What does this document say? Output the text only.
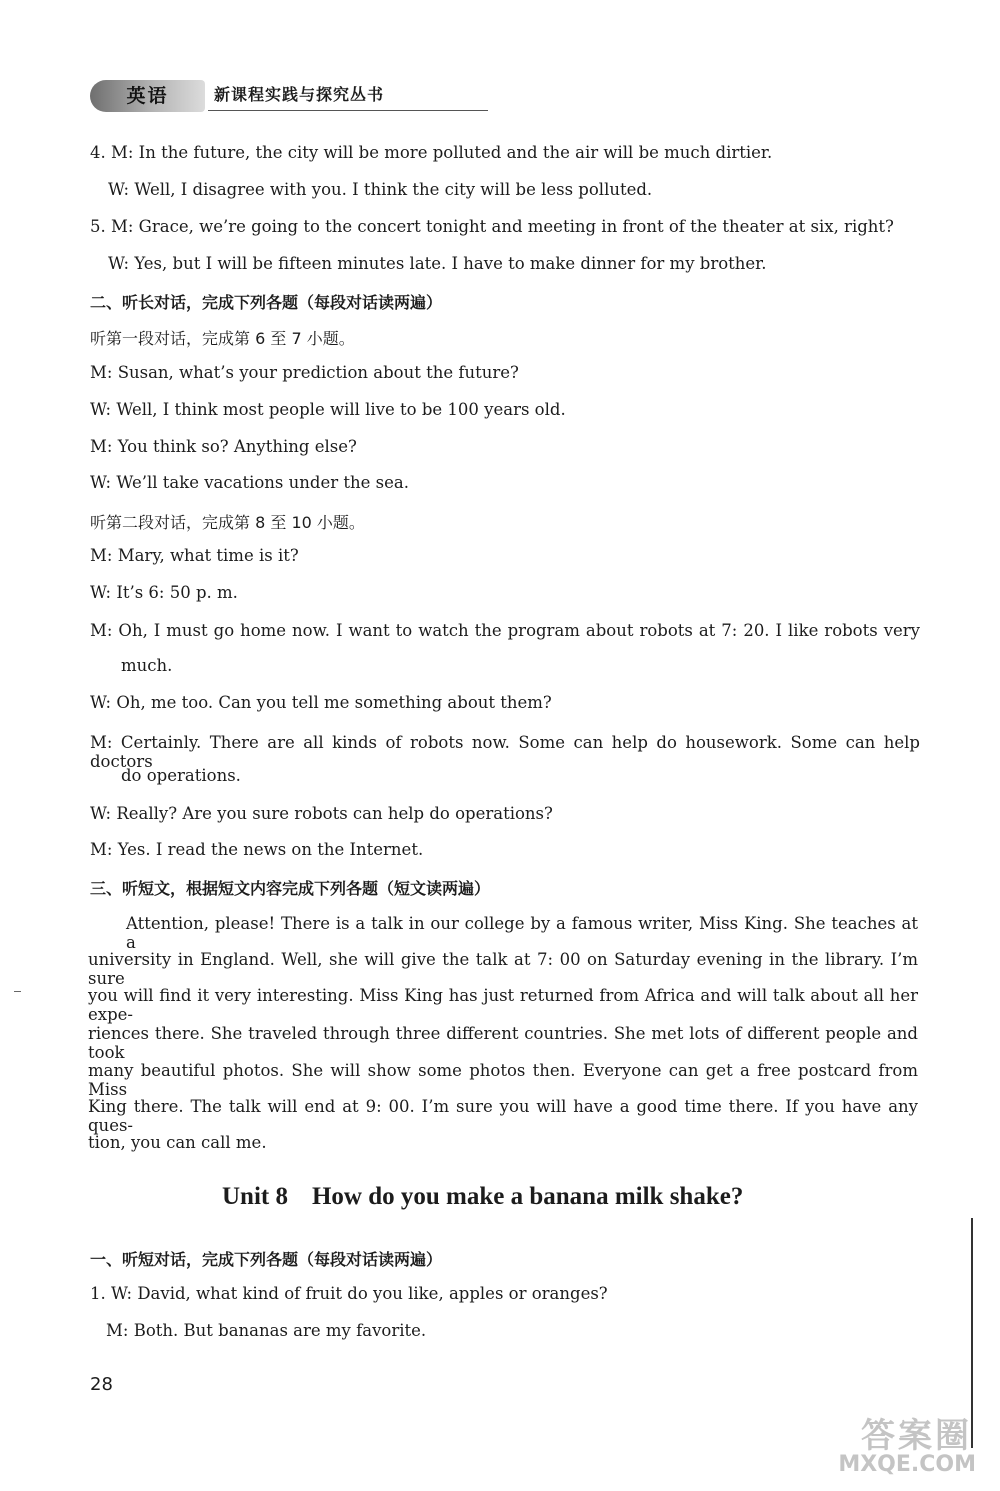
英语	新课程实践与探究丛书
4. M: In the future, the city will be more polluted and the air will be much dirtier.
W: Well, I disagree with you. I think the city will be less polluted.
5. M: Grace, we’re going to the concert tonight and meeting in front of the theater at six, right?
W: Yes, but I will be fifteen minutes late. I have to make dinner for my brother.
二、听长对话，完成下列各题（每段对话读两遍）
听第一段对话，完成第 6 至 7 小题。
M: Susan, what’s your prediction about the future?
W: Well, I think most people will live to be 100 years old.
M: You think so? Anything else?
W: We’ll take vacations under the sea.
听第二段对话，完成第 8 至 10 小题。
M: Mary, what time is it?
W: It’s 6: 50 p. m.
M: Oh, I must go home now. I want to watch the program about robots at 7: 20. I like robots very
much.
W: Oh, me too. Can you tell me something about them?
M: Certainly. There are all kinds of robots now. Some can help do housework. Some can help doctors
do operations.
W: Really? Are you sure robots can help do operations?
M: Yes. I read the news on the Internet.
三、听短文，根据短文内容完成下列各题（短文读两遍）
Attention, please! There is a talk in our college by a famous writer, Miss King. She teaches at a
university in England. Well, she will give the talk at 7: 00 on Saturday evening in the library. I’m sure
you will find it very interesting. Miss King has just returned from Africa and will talk about all her expe-
riences there. She traveled through three different countries. She met lots of different people and took
many beautiful photos. She will show some photos then. Everyone can get a free postcard from Miss
King there. The talk will end at 9: 00. I’m sure you will have a good time there. If you have any ques-
tion, you can call me.
Unit 8 How do you make a banana milk shake?
一、听短对话，完成下列各题（每段对话读两遍）
1. W: David, what kind of fruit do you like, apples or oranges?
M: Both. But bananas are my favorite.
28
答案圈
MXQE.COM
